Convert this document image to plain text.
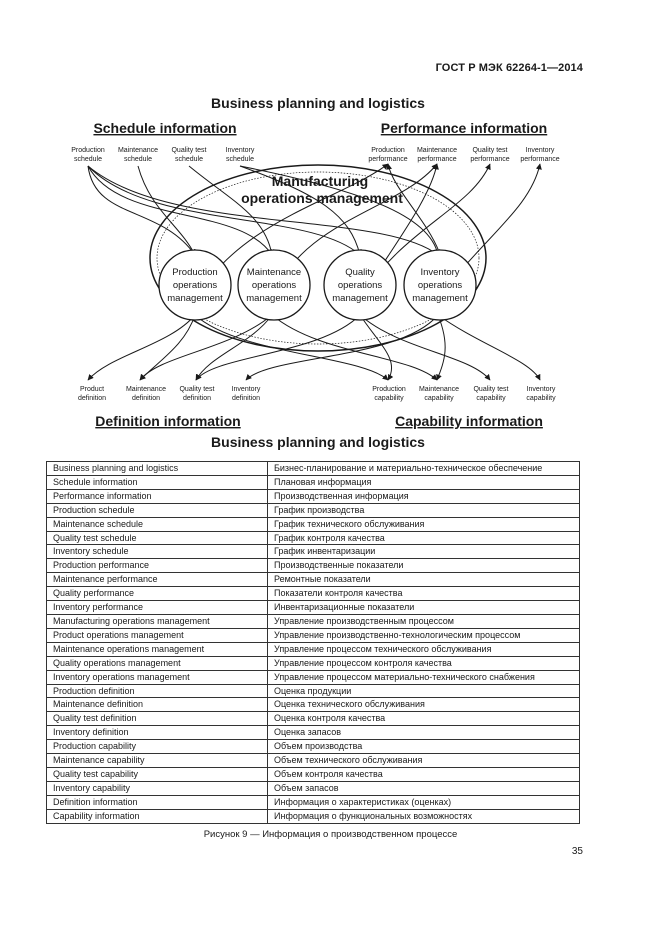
ГОСТ Р МЭК 62264-1—2014
Business planning and logistics
Schedule information	Performance information
Production
schedule
Maintenance
schedule
Quality test
schedule
Inventory
schedule
Production
performance
Maintenance
performance
Quality test
performance
Inventory
performance
Manufacturing
operations management
Production
operations
management
Maintenance
operations
management
Quality
operations
management
Inventory
operations
management
Product
definition
Maintenance
definition
Quality test
definition
Inventory
definition
Production
capability
Maintenance
capability
Quality test
capability
Inventory
capability
Definition information	Capability information
Business planning and logistics
Business planning and logistics	Бизнес-планирование и материально-техническое обеспечение
Schedule information	Плановая информация
Performance information	Производственная информация
Production schedule	График производства
Maintenance schedule	График технического обслуживания
Quality test schedule	График контроля качества
Inventory schedule	График инвентаризации
Production performance	Производственные показатели
Maintenance performance	Ремонтные показатели
Quality performance	Показатели контроля качества
Inventory performance	Инвентаризационные показатели
Manufacturing operations management	Управление производственным процессом
Product operations management	Управление производственно-технологическим процессом
Maintenance operations management	Управление процессом технического обслуживания
Quality operations management	Управление процессом контроля качества
Inventory operations management	Управление процессом материально-технического снабжения
Production definition	Оценка продукции
Maintenance definition	Оценка технического обслуживания
Quality test definition	Оценка контроля качества
Inventory definition	Оценка запасов
Production capability	Объем производства
Maintenance capability	Объем технического обслуживания
Quality test capability	Объем контроля качества
Inventory capability	Объем запасов
Definition information	Информация о характеристиках (оценках)
Capability information	Информация о функциональных возможностях
Рисунок 9 — Информация о производственном процессе
35
